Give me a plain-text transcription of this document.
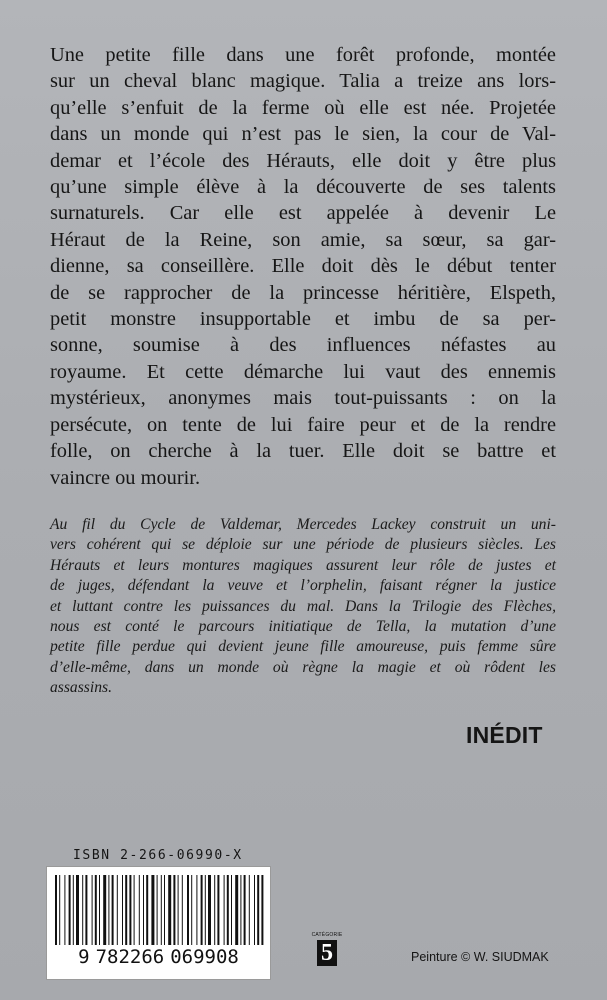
Une petite fille dans une forêt profonde, montée
sur un cheval blanc magique. Talia a treize ans lors-
qu’elle s’enfuit de la ferme où elle est née. Projetée
dans un monde qui n’est pas le sien, la cour de Val-
demar et l’école des Hérauts, elle doit y être plus
qu’une simple élève à la découverte de ses talents
surnaturels. Car elle est appelée à devenir Le
Héraut de la Reine, son amie, sa sœur, sa gar-
dienne, sa conseillère. Elle doit dès le début tenter
de se rapprocher de la princesse héritière, Elspeth,
petit monstre insupportable et imbu de sa per-
sonne, soumise à des influences néfastes au
royaume. Et cette démarche lui vaut des ennemis
mystérieux, anonymes mais tout-puissants : on la
persécute, on tente de lui faire peur et de la rendre
folle, on cherche à la tuer. Elle doit se battre et
vaincre ou mourir.
Au fil du Cycle de Valdemar, Mercedes Lackey construit un uni-
vers cohérent qui se déploie sur une période de plusieurs siècles. Les
Hérauts et leurs montures magiques assurent leur rôle de justes et
de juges, défendant la veuve et l’orphelin, faisant régner la justice
et luttant contre les puissances du mal. Dans la Trilogie des Flèches,
nous est conté le parcours initiatique de Tella, la mutation d’une
petite fille perdue qui devient jeune fille amoureuse, puis femme sûre
d’elle-même, dans un monde où règne la magie et où rôdent les
assassins.
INÉDIT
ISBN 2-266-06990-X
9 782266 069908
CATÉGORIE
5	Peinture © W. SIUDMAK
